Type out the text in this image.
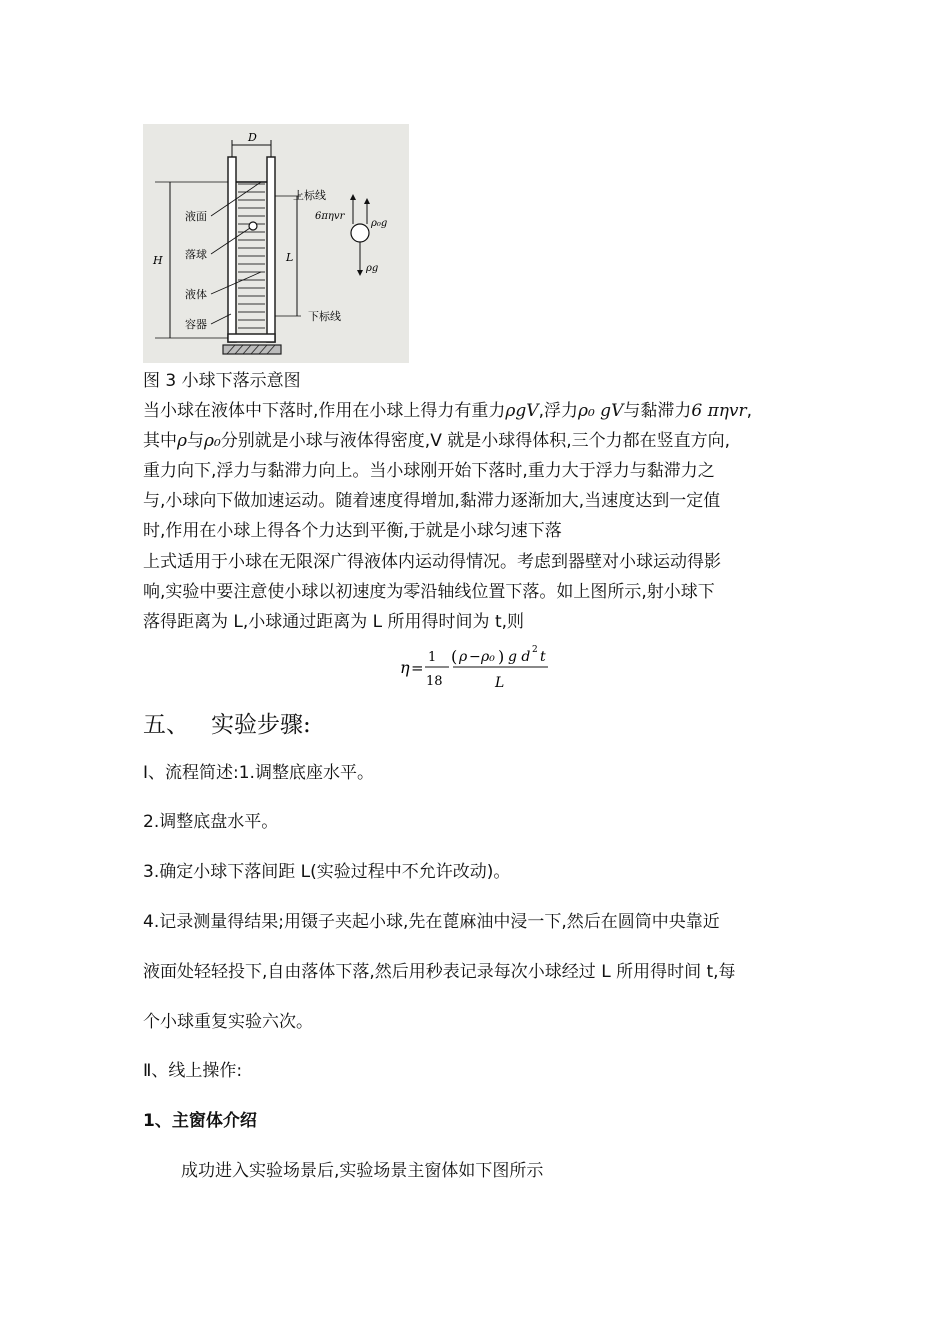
D
H	L
上标线
下标线
液面
落球
液体
容器
6πηvr
ρ₀g
ρg
图 3 小球下落示意图
当小球在液体中下落时,作用在小球上得力有重力ρgV,浮力ρ₀ gV与黏滞力6 πηvr,
其中ρ与ρ₀分别就是小球与液体得密度,V 就是小球得体积,三个力都在竖直方向,
重力向下,浮力与黏滞力向上。当小球刚开始下落时,重力大于浮力与黏滞力之
与,小球向下做加速运动。随着速度得增加,黏滞力逐渐加大,当速度达到一定值
时,作用在小球上得各个力达到平衡,于就是小球匀速下落
上式适用于小球在无限深广得液体内运动得情况。考虑到器壁对小球运动得影
响,实验中要注意使小球以初速度为零沿轴线位置下落。如上图所示,射小球下
落得距离为 L,小球通过距离为 L 所用得时间为 t,则
η =
1
18
( ρ − ρ₀ ) g d 2 t
L
五、 实验步骤:
Ⅰ、流程简述:1.调整底座水平。
2.调整底盘水平。
3.确定小球下落间距 L(实验过程中不允许改动)。
4.记录测量得结果;用镊子夹起小球,先在蓖麻油中浸一下,然后在圆筒中央靠近
液面处轻轻投下,自由落体下落,然后用秒表记录每次小球经过 L 所用得时间 t,每
个小球重复实验六次。
Ⅱ、线上操作:
1、主窗体介绍
成功进入实验场景后,实验场景主窗体如下图所示
